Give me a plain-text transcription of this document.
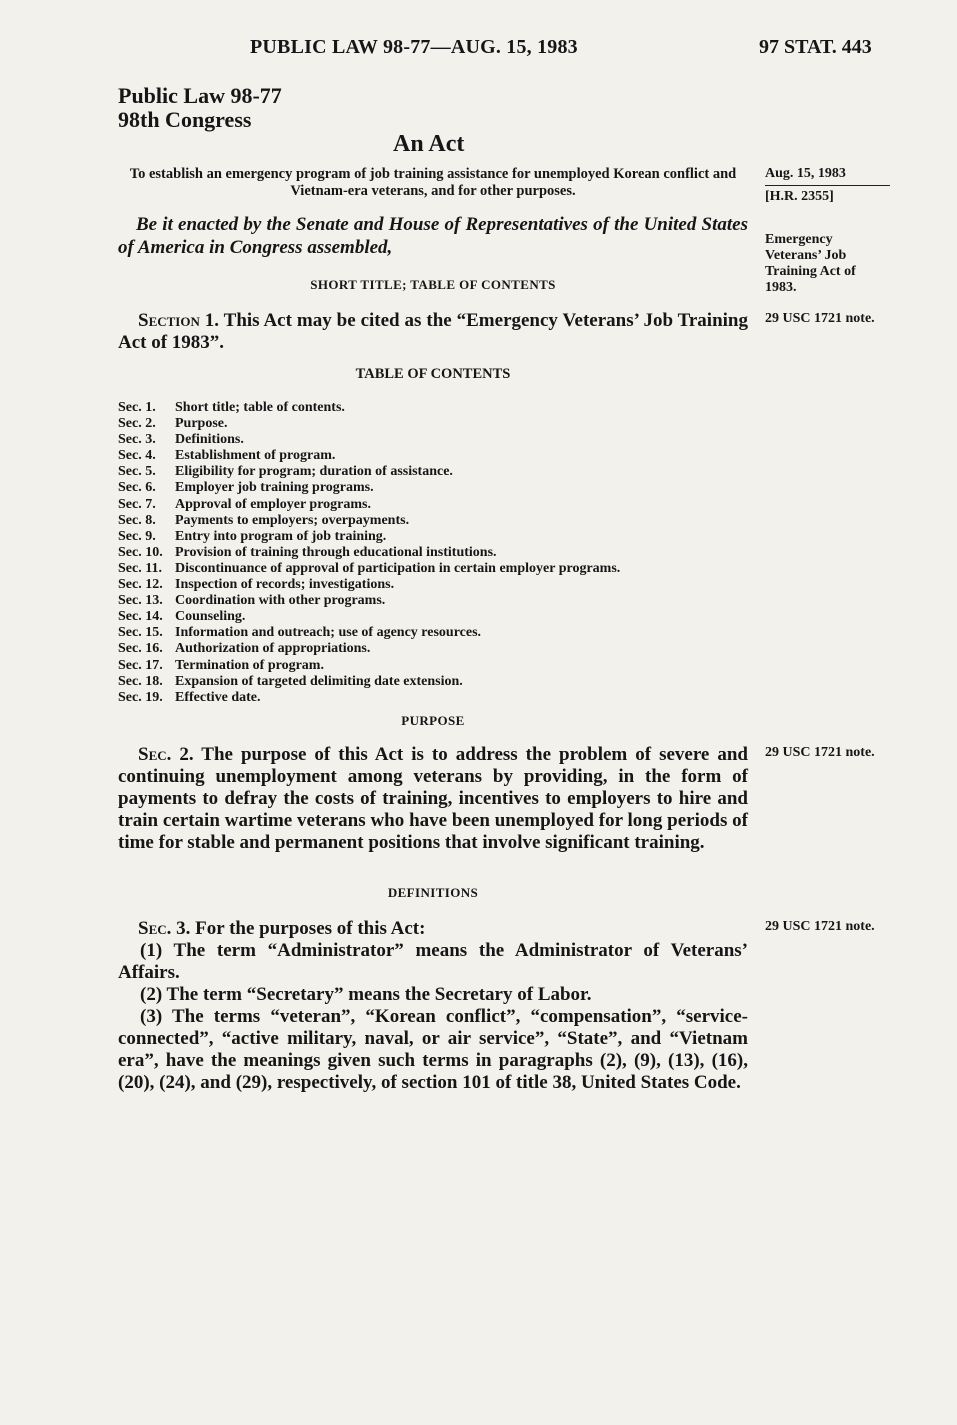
PUBLIC LAW 98-77—AUG. 15, 1983	97 STAT. 443
Public Law 98-77
98th Congress
An Act
To establish an emergency program of job training assistance for unemployed Korean conflict and Vietnam-era veterans, and for other purposes.
Be it enacted by the Senate and House of Representatives of the United States of America in Congress assembled,
SHORT TITLE; TABLE OF CONTENTS
Section 1. This Act may be cited as the “Emergency Veterans’ Job Training Act of 1983”.
TABLE OF CONTENTS
Sec. 1. Short title; table of contents.
Sec. 2. Purpose.
Sec. 3. Definitions.
Sec. 4. Establishment of program.
Sec. 5. Eligibility for program; duration of assistance.
Sec. 6. Employer job training programs.
Sec. 7. Approval of employer programs.
Sec. 8. Payments to employers; overpayments.
Sec. 9. Entry into program of job training.
Sec. 10. Provision of training through educational institutions.
Sec. 11. Discontinuance of approval of participation in certain employer programs.
Sec. 12. Inspection of records; investigations.
Sec. 13. Coordination with other programs.
Sec. 14. Counseling.
Sec. 15. Information and outreach; use of agency resources.
Sec. 16. Authorization of appropriations.
Sec. 17. Termination of program.
Sec. 18. Expansion of targeted delimiting date extension.
Sec. 19. Effective date.
PURPOSE
Sec. 2. The purpose of this Act is to address the problem of severe and continuing unemployment among veterans by providing, in the form of payments to defray the costs of training, incentives to employers to hire and train certain wartime veterans who have been unemployed for long periods of time for stable and permanent positions that involve significant training.
DEFINITIONS
Sec. 3. For the purposes of this Act:
(1) The term “Administrator” means the Administrator of Veterans’ Affairs.
(2) The term “Secretary” means the Secretary of Labor.
(3) The terms “veteran”, “Korean conflict”, “compensation”, “service-connected”, “active military, naval, or air service”, “State”, and “Vietnam era”, have the meanings given such terms in paragraphs (2), (9), (13), (16), (20), (24), and (29), respectively, of section 101 of title 38, United States Code.
Aug. 15, 1983
[H.R. 2355]
Emergency Veterans’ Job Training Act of 1983.
29 USC 1721 note.
29 USC 1721 note.
29 USC 1721 note.
